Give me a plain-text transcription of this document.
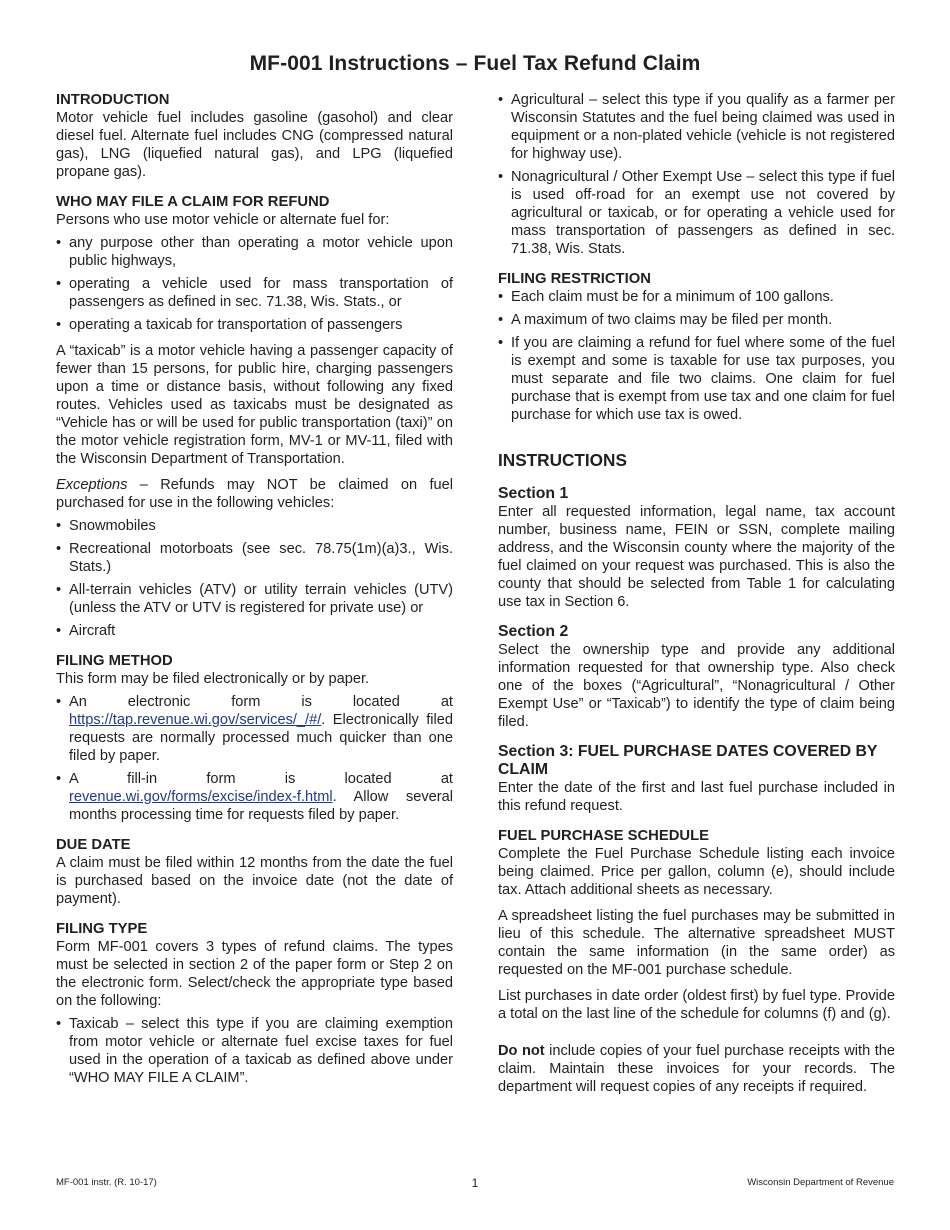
MF-001 Instructions – Fuel Tax Refund Claim
INTRODUCTION

Motor vehicle fuel includes gasoline (gasohol) and clear diesel fuel. Alternate fuel includes CNG (compressed natural gas), LNG (liquefied natural gas), and LPG (liquefied propane gas).

WHO MAY FILE A CLAIM FOR REFUND

Persons who use motor vehicle or alternate fuel for:

• any purpose other than operating a motor vehicle upon public highways,
• operating a vehicle used for mass transportation of passengers as defined in sec. 71.38, Wis. Stats., or
• operating a taxicab for transportation of passengers

A “taxicab” is a motor vehicle having a passenger capacity of fewer than 15 persons, for public hire, charging passengers upon a time or distance basis, without following any fixed routes. Vehicles used as taxicabs must be designated as “Vehicle has or will be used for public transportation (taxi)” on the motor vehicle registration form, MV-1 or MV-11, filed with the Wisconsin Department of Transportation.

Exceptions – Refunds may NOT be claimed on fuel purchased for use in the following vehicles:

• Snowmobiles
• Recreational motorboats (see sec. 78.75(1m)(a)3., Wis. Stats.)
• All-terrain vehicles (ATV) or utility terrain vehicles (UTV) (unless the ATV or UTV is registered for private use) or
• Aircraft
FILING METHOD

This form may be filed electronically or by paper.

• An electronic form is located at https://tap.revenue.wi.gov/services/_/#/. Electronically filed requests are normally processed much quicker than one filed by paper.
• A fill-in form is located at revenue.wi.gov/forms/excise/index-f.html. Allow several months processing time for requests filed by paper.
DUE DATE

A claim must be filed within 12 months from the date the fuel is purchased based on the invoice date (not the date of payment).

FILING TYPE

Form MF-001 covers 3 types of refund claims. The types must be selected in section 2 of the paper form or Step 2 on the electronic form. Select/check the appropriate type based on the following:

• Taxicab – select this type if you are claiming exemption from motor vehicle or alternate fuel excise taxes for fuel used in the operation of a taxicab as defined above under “WHO MAY FILE A CLAIM”.
• Agricultural – select this type if you qualify as a farmer per Wisconsin Statutes and the fuel being claimed was used in equipment or a non-plated vehicle (vehicle is not registered for highway use).
• Nonagricultural / Other Exempt Use – select this type if fuel is used off-road for an exempt use not covered by agricultural or taxicab, or for operating a vehicle used for mass transportation of passengers as defined in sec. 71.38, Wis. Stats.
FILING RESTRICTION
• Each claim must be for a minimum of 100 gallons.
• A maximum of two claims may be filed per month.
• If you are claiming a refund for fuel where some of the fuel is exempt and some is taxable for use tax purposes, you must separate and file two claims. One claim for fuel purchase that is exempt from use tax and one claim for fuel purchase for which use tax is owed.
INSTRUCTIONS
Section 1

Enter all requested information, legal name, tax account number, business name, FEIN or SSN, complete mailing address, and the Wisconsin county where the majority of the fuel claimed on your request was purchased. This is also the county that should be selected from Table 1 for calculating use tax in Section 6.

Section 2

Select the ownership type and provide any additional information requested for that ownership type. Also check one of the boxes (“Agricultural”, “Nonagricultural / Other Exempt Use” or “Taxicab”) to identify the type of claim being filed.

Section 3: FUEL PURCHASE DATES COVERED BY CLAIM

Enter the date of the first and last fuel purchase included in this refund request.

FUEL PURCHASE SCHEDULE

Complete the Fuel Purchase Schedule listing each invoice being claimed. Price per gallon, column (e), should include tax. Attach additional sheets as necessary.

A spreadsheet listing the fuel purchases may be submitted in lieu of this schedule. The alternative spreadsheet MUST contain the same information (in the same order) as requested on the MF-001 purchase schedule.

List purchases in date order (oldest first) by fuel type. Provide a total on the last line of the schedule for columns (f) and (g).

Do not include copies of your fuel purchase receipts with the claim. Maintain these invoices for your records. The department will request copies of any receipts if required.

MF-001 instr. (R. 10-17)	1	Wisconsin Department of Revenue
